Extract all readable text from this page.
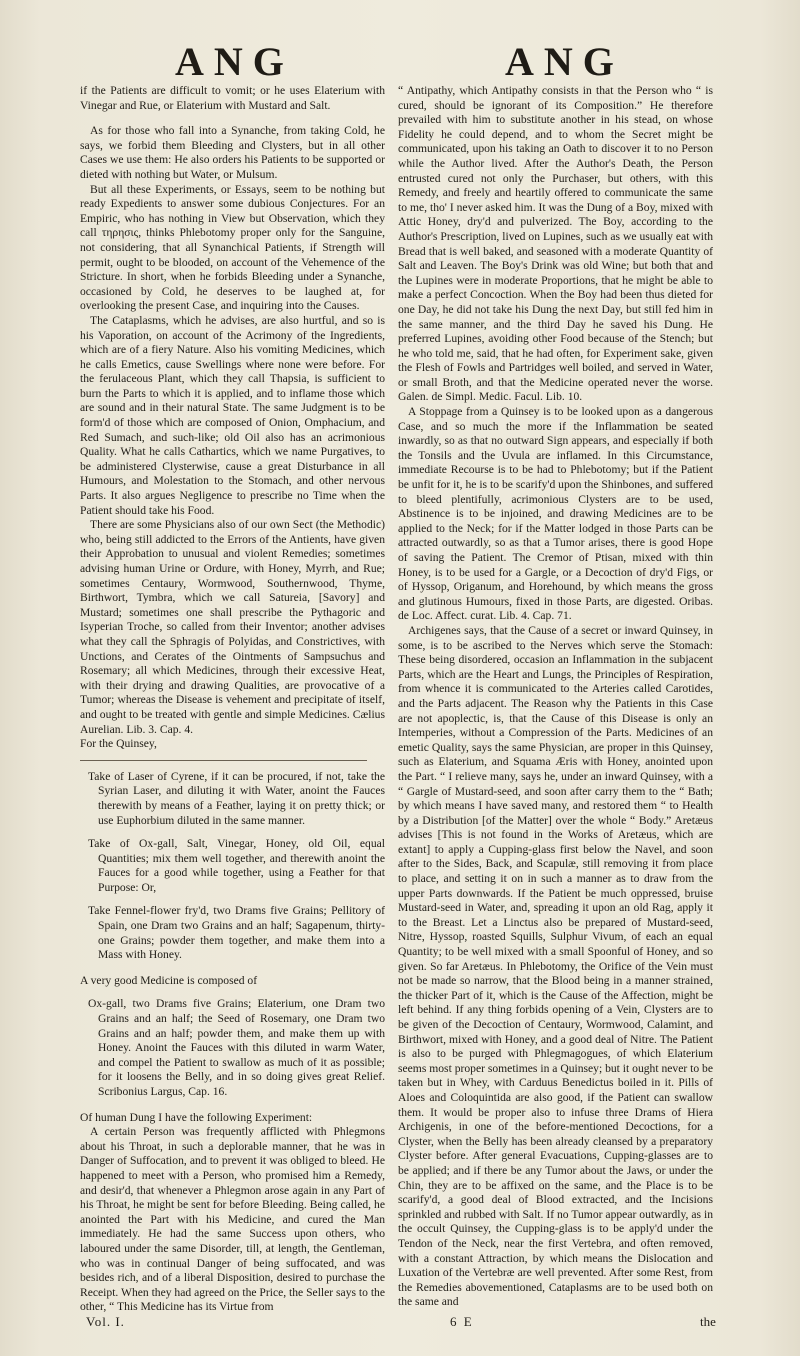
ANG	ANG

if the Patients are difficult to vomit; or he uses Elaterium with Vinegar and Rue, or Elaterium with Mustard and Salt.

As for those who fall into a Synanche, from taking Cold, he says, we forbid them Bleeding and Clysters, but in all other Cases we use them: He also orders his Patients to be supported or dieted with nothing but Water, or Mulsum.

But all these Experiments, or Essays, seem to be nothing but ready Expedients to answer some dubious Conjectures. For an Empiric, who has nothing in View but Observation, which they call τηρησις, thinks Phlebotomy proper only for the Sanguine, not considering, that all Synanchical Patients, if Strength will permit, ought to be blooded, on account of the Vehemence of the Stricture. In short, when he forbids Bleeding under a Synanche, occasioned by Cold, he deserves to be laughed at, for overlooking the present Case, and inquiring into the Causes.

The Cataplasms, which he advises, are also hurtful, and so is his Vaporation, on account of the Acrimony of the Ingredients, which are of a fiery Nature. Also his vomiting Medicines, which he calls Emetics, cause Swellings where none were before. For the ferulaceous Plant, which they call Thapsia, is sufficient to burn the Parts to which it is applied, and to inflame those which are sound and in their natural State. The same Judgment is to be form'd of those which are composed of Onion, Omphacium, and Red Sumach, and such-like; old Oil also has an acrimonious Quality. What he calls Cathartics, which we name Purgatives, to be administered Clysterwise, cause a great Disturbance in all Humours, and Molestation to the Stomach, and other nervous Parts. It also argues Negligence to prescribe no Time when the Patient should take his Food.

There are some Physicians also of our own Sect (the Methodic) who, being still addicted to the Errors of the Antients, have given their Approbation to unusual and violent Remedies; sometimes advising human Urine or Ordure, with Honey, Myrrh, and Rue; sometimes Centaury, Wormwood, Southernwood, Thyme, Birthwort, Tymbra, which we call Satureia, [Savory] and Mustard; sometimes one shall prescribe the Pythagoric and Isyperian Troche, so called from their Inventor; another advises what they call the Sphragis of Polyidas, and Constrictives, with Unctions, and Cerates of the Ointments of Sampsuchus and Rosemary; all which Medicines, through their excessive Heat, with their drying and drawing Qualities, are provocative of a Tumor; whereas the Disease is vehement and precipitate of itself, and ought to be treated with gentle and simple Medicines. Cælius Aurelian. Lib. 3. Cap. 4.

For the Quinsey,

Take of Laser of Cyrene, if it can be procured, if not, take the Syrian Laser, and diluting it with Water, anoint the Fauces therewith by means of a Feather, laying it on pretty thick; or use Euphorbium diluted in the same manner.

Take of Ox-gall, Salt, Vinegar, Honey, old Oil, equal Quantities; mix them well together, and therewith anoint the Fauces for a good while together, using a Feather for that Purpose: Or,

Take Fennel-flower fry'd, two Drams five Grains; Pellitory of Spain, one Dram two Grains and an half; Sagapenum, thirty-one Grains; powder them together, and make them into a Mass with Honey.

A very good Medicine is composed of

Ox-gall, two Drams five Grains; Elaterium, one Dram two Grains and an half; the Seed of Rosemary, one Dram two Grains and an half; powder them, and make them up with Honey. Anoint the Fauces with this diluted in warm Water, and compel the Patient to swallow as much of it as possible; for it loosens the Belly, and in so doing gives great Relief. Scribonius Largus, Cap. 16.

Of human Dung I have the following Experiment:

A certain Person was frequently afflicted with Phlegmons about his Throat, in such a deplorable manner, that he was in Danger of Suffocation, and to prevent it was obliged to bleed. He happened to meet with a Person, who promised him a Remedy, and desir'd, that whenever a Phlegmon arose again in any Part of his Throat, he might be sent for before Bleeding. Being called, he anointed the Part with his Medicine, and cured the Man immediately. He had the same Success upon others, who laboured under the same Disorder, till, at length, the Gentleman, who was in continual Danger of being suffocated, and was besides rich, and of a liberal Disposition, desired to purchase the Receipt. When they had agreed on the Price, the Seller says to the other, “ This Medicine has its Virtue from

“ Antipathy, which Antipathy consists in that the Person who “ is cured, should be ignorant of its Composition.” He therefore prevailed with him to substitute another in his stead, on whose Fidelity he could depend, and to whom the Secret might be communicated, upon his taking an Oath to discover it to no Person while the Author lived. After the Author's Death, the Person entrusted cured not only the Purchaser, but others, with this Remedy, and freely and heartily offered to communicate the same to me, tho' I never asked him. It was the Dung of a Boy, mixed with Attic Honey, dry'd and pulverized. The Boy, according to the Author's Prescription, lived on Lupines, such as we usually eat with Bread that is well baked, and seasoned with a moderate Quantity of Salt and Leaven. The Boy's Drink was old Wine; but both that and the Lupines were in moderate Proportions, that he might be able to make a perfect Concoction. When the Boy had been thus dieted for one Day, he did not take his Dung the next Day, but still fed him in the same manner, and the third Day he saved his Dung. He preferred Lupines, avoiding other Food because of the Stench; but he who told me, said, that he had often, for Experiment sake, given the Flesh of Fowls and Partridges well boiled, and served in Water, or small Broth, and that the Medicine operated never the worse. Galen. de Simpl. Medic. Facul. Lib. 10.

A Stoppage from a Quinsey is to be looked upon as a dangerous Case, and so much the more if the Inflammation be seated inwardly, so as that no outward Sign appears, and especially if both the Tonsils and the Uvula are inflamed. In this Circumstance, immediate Recourse is to be had to Phlebotomy; but if the Patient be unfit for it, he is to be scarify'd upon the Shinbones, and suffered to bleed plentifully, acrimonious Clysters are to be used, Abstinence is to be injoined, and drawing Medicines are to be applied to the Neck; for if the Matter lodged in those Parts can be attracted outwardly, so as that a Tumor arises, there is good Hope of saving the Patient. The Cremor of Ptisan, mixed with thin Honey, is to be used for a Gargle, or a Decoction of dry'd Figs, or of Hyssop, Origanum, and Horehound, by which means the gross and glutinous Humours, fixed in those Parts, are digested. Oribas. de Loc. Affect. curat. Lib. 4. Cap. 71.

Archigenes says, that the Cause of a secret or inward Quinsey, in some, is to be ascribed to the Nerves which serve the Stomach: These being disordered, occasion an Inflammation in the subjacent Parts, which are the Heart and Lungs, the Principles of Respiration, from whence it is communicated to the Arteries called Carotides, and the Parts adjacent. The Reason why the Patients in this Case are not apoplectic, is, that the Cause of this Disease is only an Intemperies, without a Compression of the Parts. Medicines of an emetic Quality, says the same Physician, are proper in this Quinsey, such as Elaterium, and Squama Æris with Honey, anointed upon the Part. “ I relieve many, says he, under an inward Quinsey, with a “ Gargle of Mustard-seed, and soon after carry them to the “ Bath; by which means I have saved many, and restored them “ to Health by a Distribution [of the Matter] over the whole “ Body.” Aretæus advises [This is not found in the Works of Aretæus, which are extant] to apply a Cupping-glass first below the Navel, and soon after to the Sides, Back, and Scapulæ, still removing it from place to place, and setting it on in such a manner as to draw from the upper Parts downwards. If the Patient be much oppressed, bruise Mustard-seed in Water, and, spreading it upon an old Rag, apply it to the Breast. Let a Linctus also be prepared of Mustard-seed, Nitre, Hyssop, roasted Squills, Sulphur Vivum, of each an equal Quantity; to be well mixed with a small Spoonful of Honey, and so given. So far Aretæus. In Phlebotomy, the Orifice of the Vein must not be made so narrow, that the Blood being in a manner strained, the thicker Part of it, which is the Cause of the Affection, might be left behind. If any thing forbids opening of a Vein, Clysters are to be given of the Decoction of Centaury, Wormwood, Calamint, and Birthwort, mixed with Honey, and a good deal of Nitre. The Patient is also to be purged with Phlegmagogues, of which Elaterium seems most proper sometimes in a Quinsey; but it ought never to be taken but in Whey, with Carduus Benedictus boiled in it. Pills of Aloes and Coloquintida are also good, if the Patient can swallow them. It would be proper also to infuse three Drams of Hiera Archigenis, in one of the before-mentioned Decoctions, for a Clyster, when the Belly has been already cleansed by a preparatory Clyster before. After general Evacuations, Cupping-glasses are to be applied; and if there be any Tumor about the Jaws, or under the Chin, they are to be affixed on the same, and the Place is to be scarify'd, a good deal of Blood extracted, and the Incisions sprinkled and rubbed with Salt. If no Tumor appear outwardly, as in the occult Quinsey, the Cupping-glass is to be apply'd under the Tendon of the Neck, near the first Vertebra, and often removed, with a constant Attraction, by which means the Dislocation and Luxation of the Vertebræ are well prevented. After some Rest, from the Remedies abovementioned, Cataplasms are to be used both on the same and

Vol. I.	6 E	the
